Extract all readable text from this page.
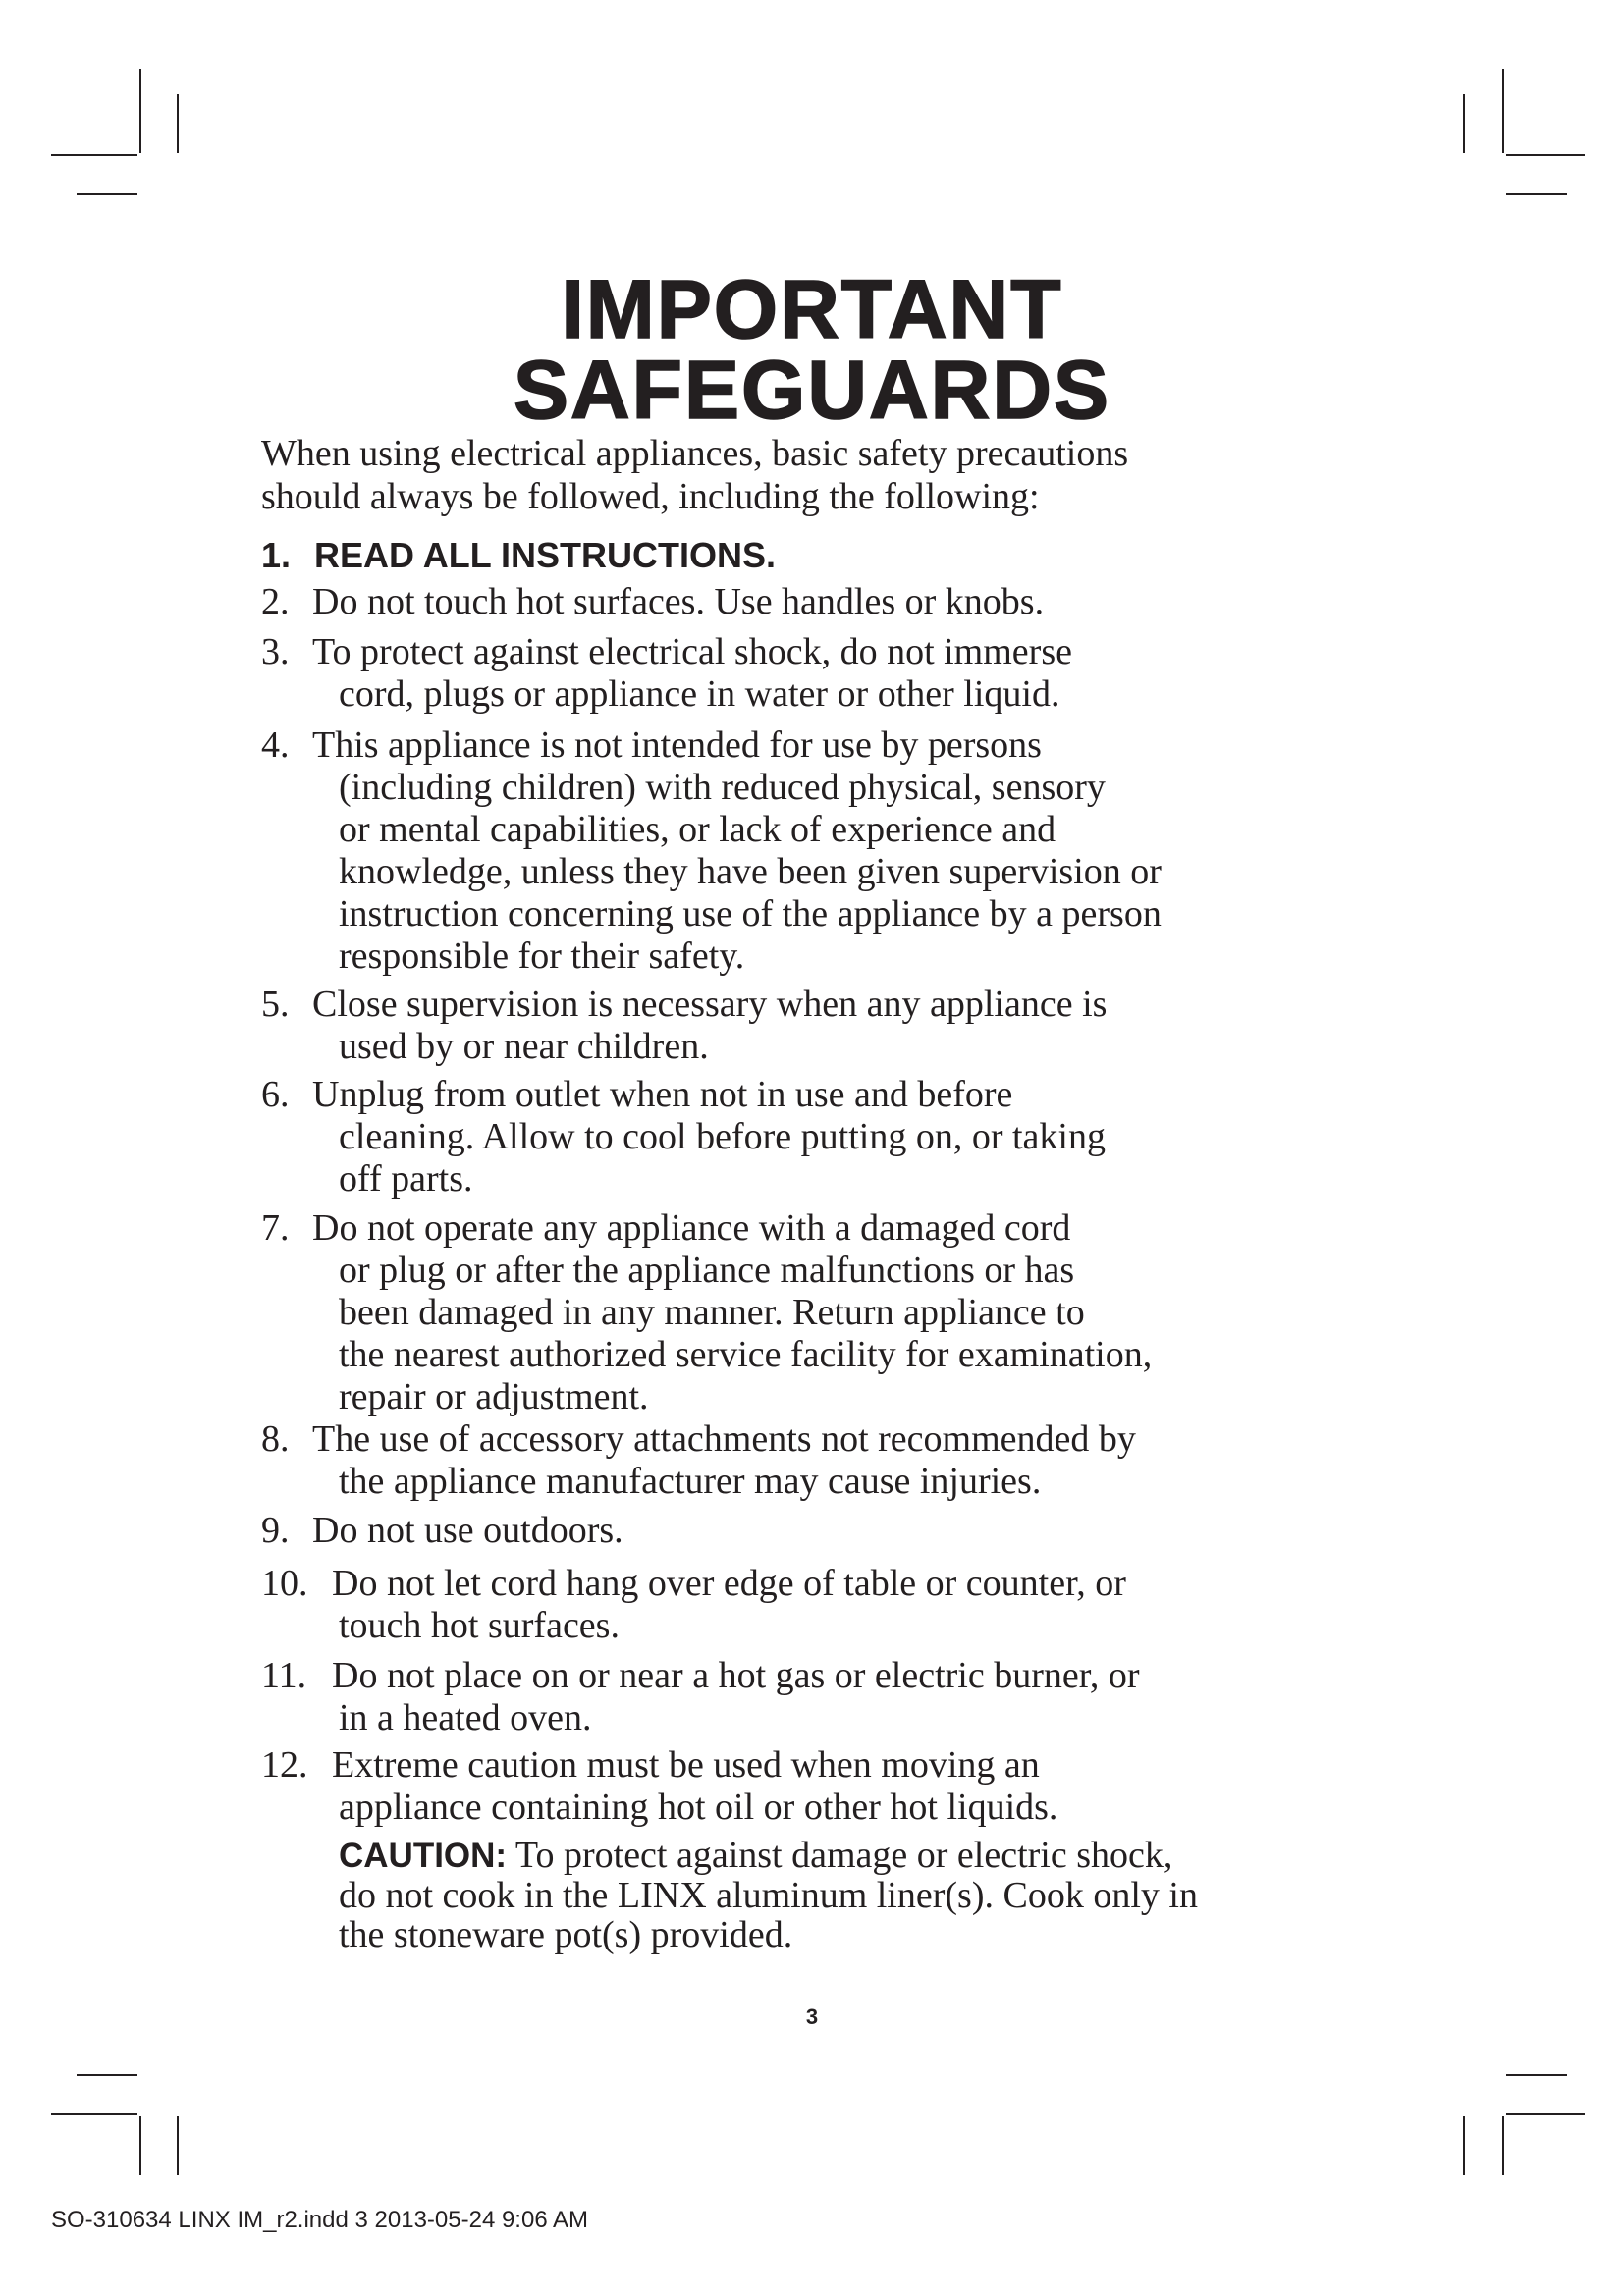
IMPORTANT
SAFEGUARDS
When using electrical appliances, basic safety precautions
should always be followed, including the following:
1. READ ALL INSTRUCTIONS.
2. Do not touch hot surfaces. Use handles or knobs.
3. To protect against electrical shock, do not immerse
cord, plugs or appliance in water or other liquid.
4. This appliance is not intended for use by persons
(including children) with reduced physical, sensory
or mental capabilities, or lack of experience and
knowledge, unless they have been given supervision or
instruction concerning use of the appliance by a person
responsible for their safety.
5. Close supervision is necessary when any appliance is
used by or near children.
6. Unplug from outlet when not in use and before
cleaning. Allow to cool before putting on, or taking
off parts.
7. Do not operate any appliance with a damaged cord
or plug or after the appliance malfunctions or has
been damaged in any manner. Return appliance to
the nearest authorized service facility for examination,
repair or adjustment.
8. The use of accessory attachments not recommended by
the appliance manufacturer may cause injuries.
9. Do not use outdoors.
10. Do not let cord hang over edge of table or counter, or
touch hot surfaces.
11. Do not place on or near a hot gas or electric burner, or
in a heated oven.
12. Extreme caution must be used when moving an
appliance containing hot oil or other hot liquids.
CAUTION: To protect against damage or electric shock,
do not cook in the LINX aluminum liner(s). Cook only in
the stoneware pot(s) provided.
3
SO-310634 LINX IM_r2.indd 3 2013-05-24 9:06 AM
